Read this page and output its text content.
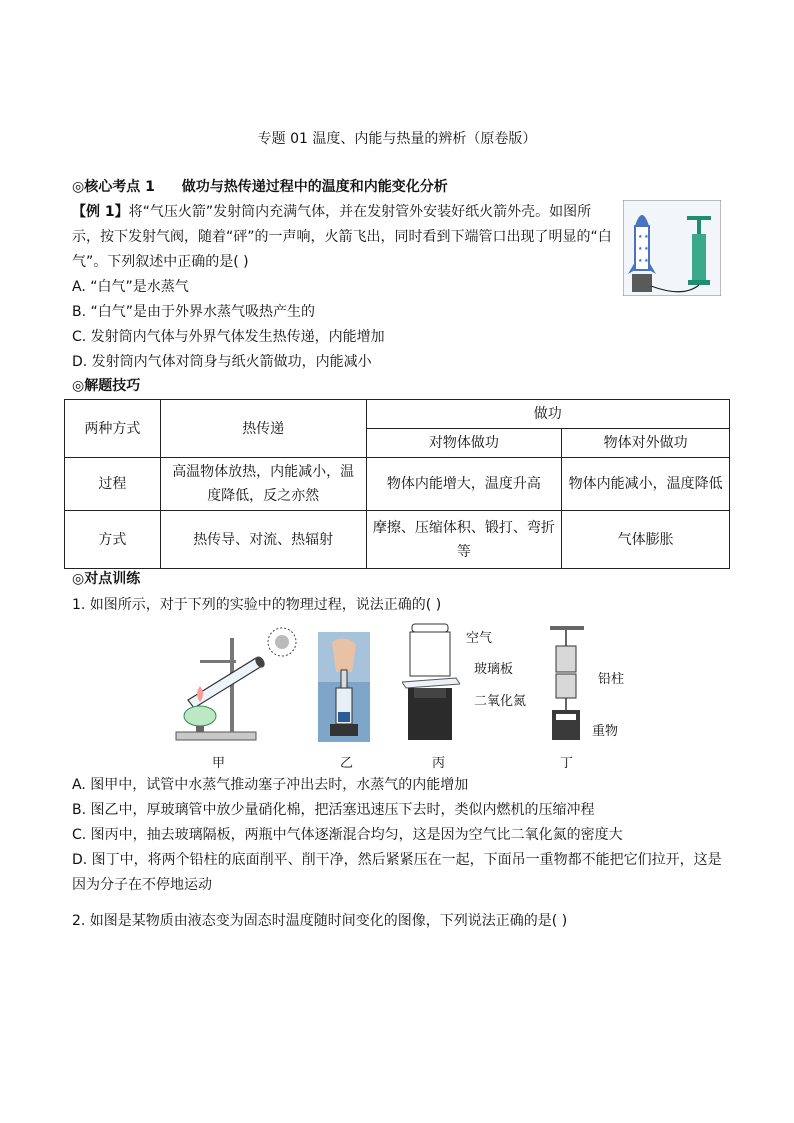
专题 01 温度、内能与热量的辨析（原卷版）
◎核心考点 1 做功与热传递过程中的温度和内能变化分析
【例 1】将“气压火箭”发射筒内充满气体，并在发射管外安装好纸火箭外壳。如图所示，按下发射气阀，随着“砰”的一声响，火箭飞出，同时看到下端管口出现了明显的“白气”。下列叙述中正确的是( )
★ ★
★ ★
★ ★
A. “白气”是水蒸气
B. “白气”是由于外界水蒸气吸热产生的
C. 发射筒内气体与外界气体发生热传递，内能增加
D. 发射筒内气体对筒身与纸火箭做功，内能减小
◎解题技巧
两种方式	热传递	做功	
		对物体做功	物体对外做功
过程	高温物体放热，内能减小，温度降低，反之亦然	物体内能增大，温度升高	物体内能减小，温度降低
方式	热传导、对流、热辐射	摩擦、压缩体积、锻打、弯折等	气体膨胀
◎对点训练
1. 如图所示，对于下列的实验中的物理过程，说法正确的( )
甲	乙	丙
空气
玻璃板
二氧化氮
丁
铅柱
重物
A. 图甲中，试管中水蒸气推动塞子冲出去时，水蒸气的内能增加
B. 图乙中，厚玻璃管中放少量硝化棉，把活塞迅速压下去时，类似内燃机的压缩冲程
C. 图丙中，抽去玻璃隔板，两瓶中气体逐渐混合均匀，这是因为空气比二氧化氮的密度大
D. 图丁中，将两个铅柱的底面削平、削干净，然后紧紧压在一起，下面吊一重物都不能把它们拉开，这是因为分子在不停地运动
2. 如图是某物质由液态变为固态时温度随时间变化的图像，下列说法正确的是( )
